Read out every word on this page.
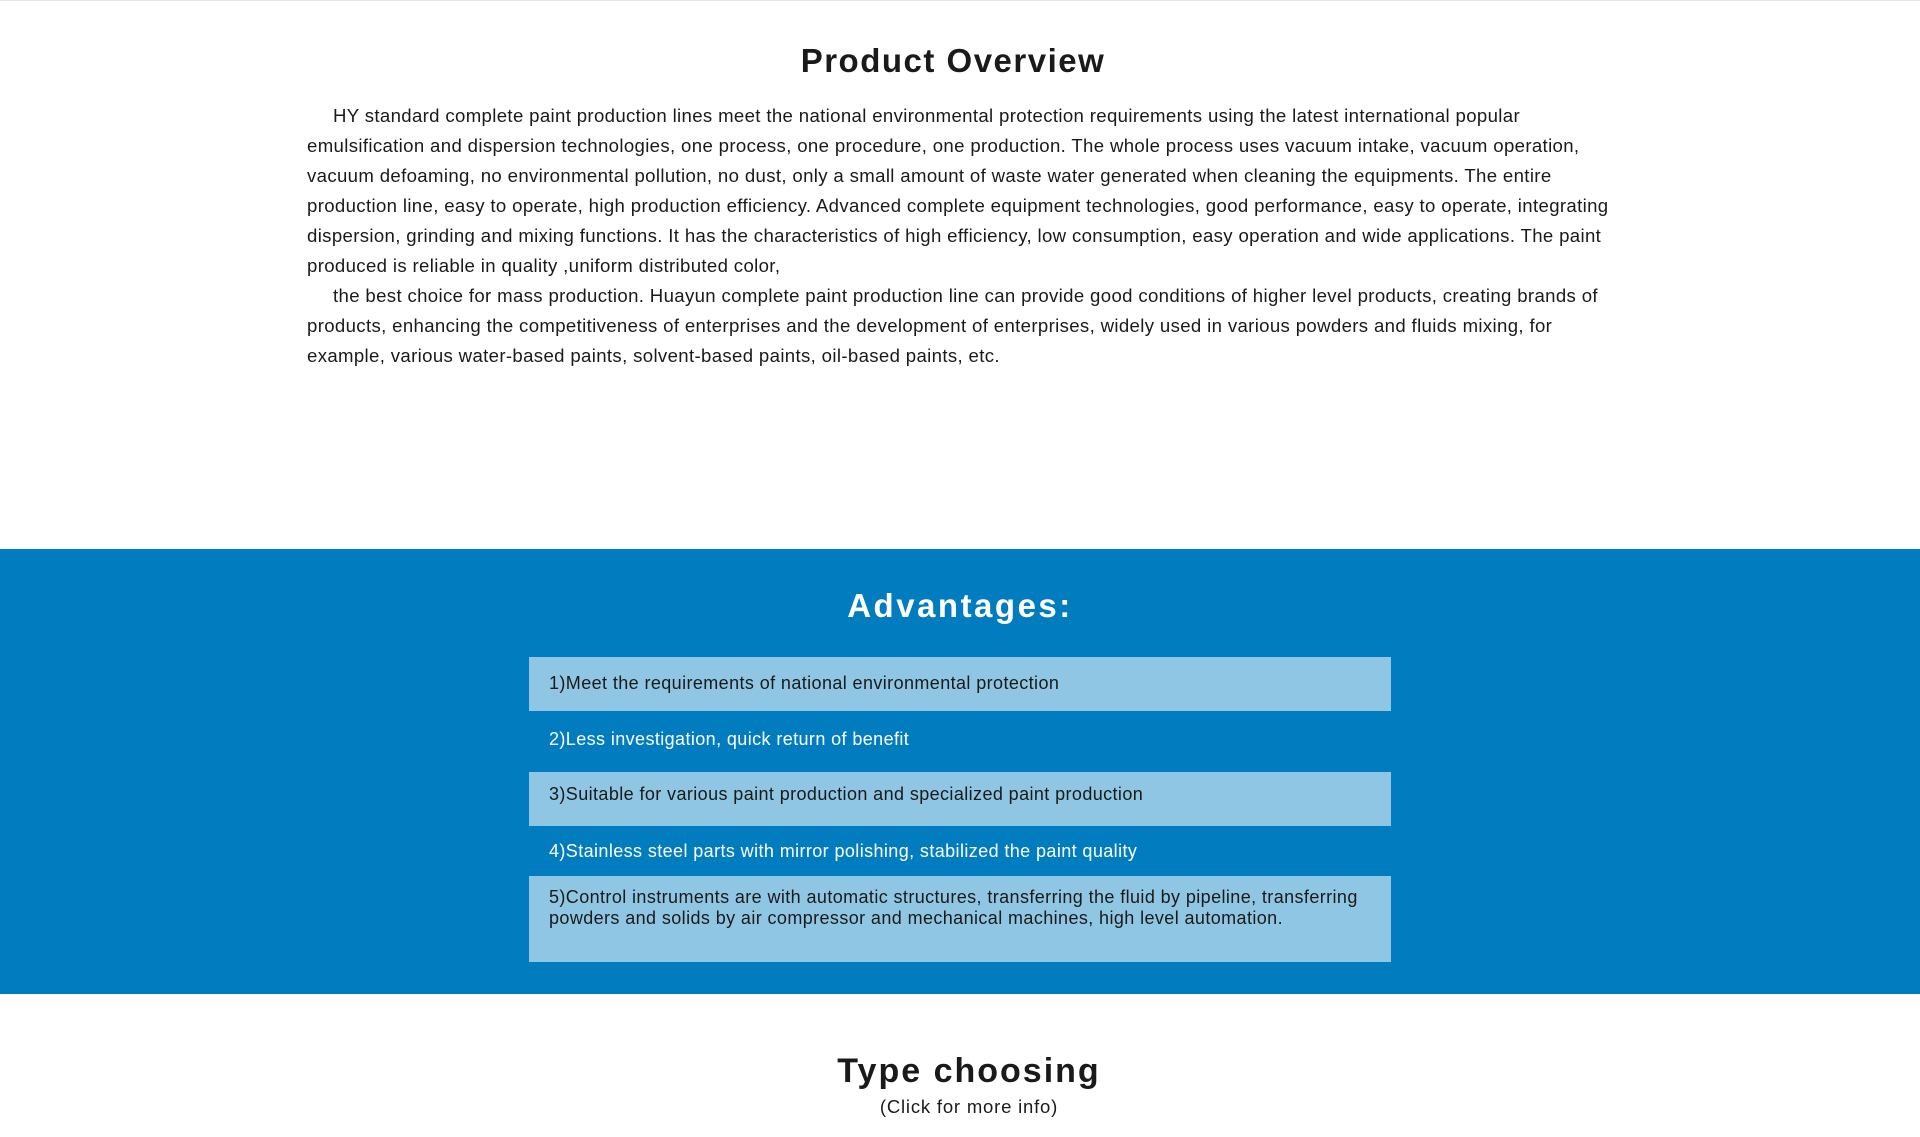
Product Overview

HY standard complete paint production lines meet the national environmental protection requirements using the latest international popular emulsification and dispersion technologies, one process, one procedure, one production. The whole process uses vacuum intake, vacuum operation, vacuum defoaming, no environmental pollution, no dust, only a small amount of waste water generated when cleaning the equipments. The entire production line, easy to operate, high production efficiency. Advanced complete equipment technologies, good performance, easy to operate, integrating dispersion, grinding and mixing functions. It has the characteristics of high efficiency, low consumption, easy operation and wide applications. The paint produced is reliable in quality ,uniform distributed color,

the best choice for mass production. Huayun complete paint production line can provide good conditions of higher level products, creating brands of products, enhancing the competitiveness of enterprises and the development of enterprises, widely used in various powders and fluids mixing, for example, various water-based paints, solvent-based paints, oil-based paints, etc.

Advantages:
1)Meet the requirements of national environmental protection
2)Less investigation, quick return of benefit
3)Suitable for various paint production and specialized paint production
4)Stainless steel parts with mirror polishing, stabilized the paint quality
5)Control instruments are with automatic structures, transferring the fluid by pipeline, transferring powders and solids by air compressor and mechanical machines, high level automation.
Type choosing
(Click for more info)
